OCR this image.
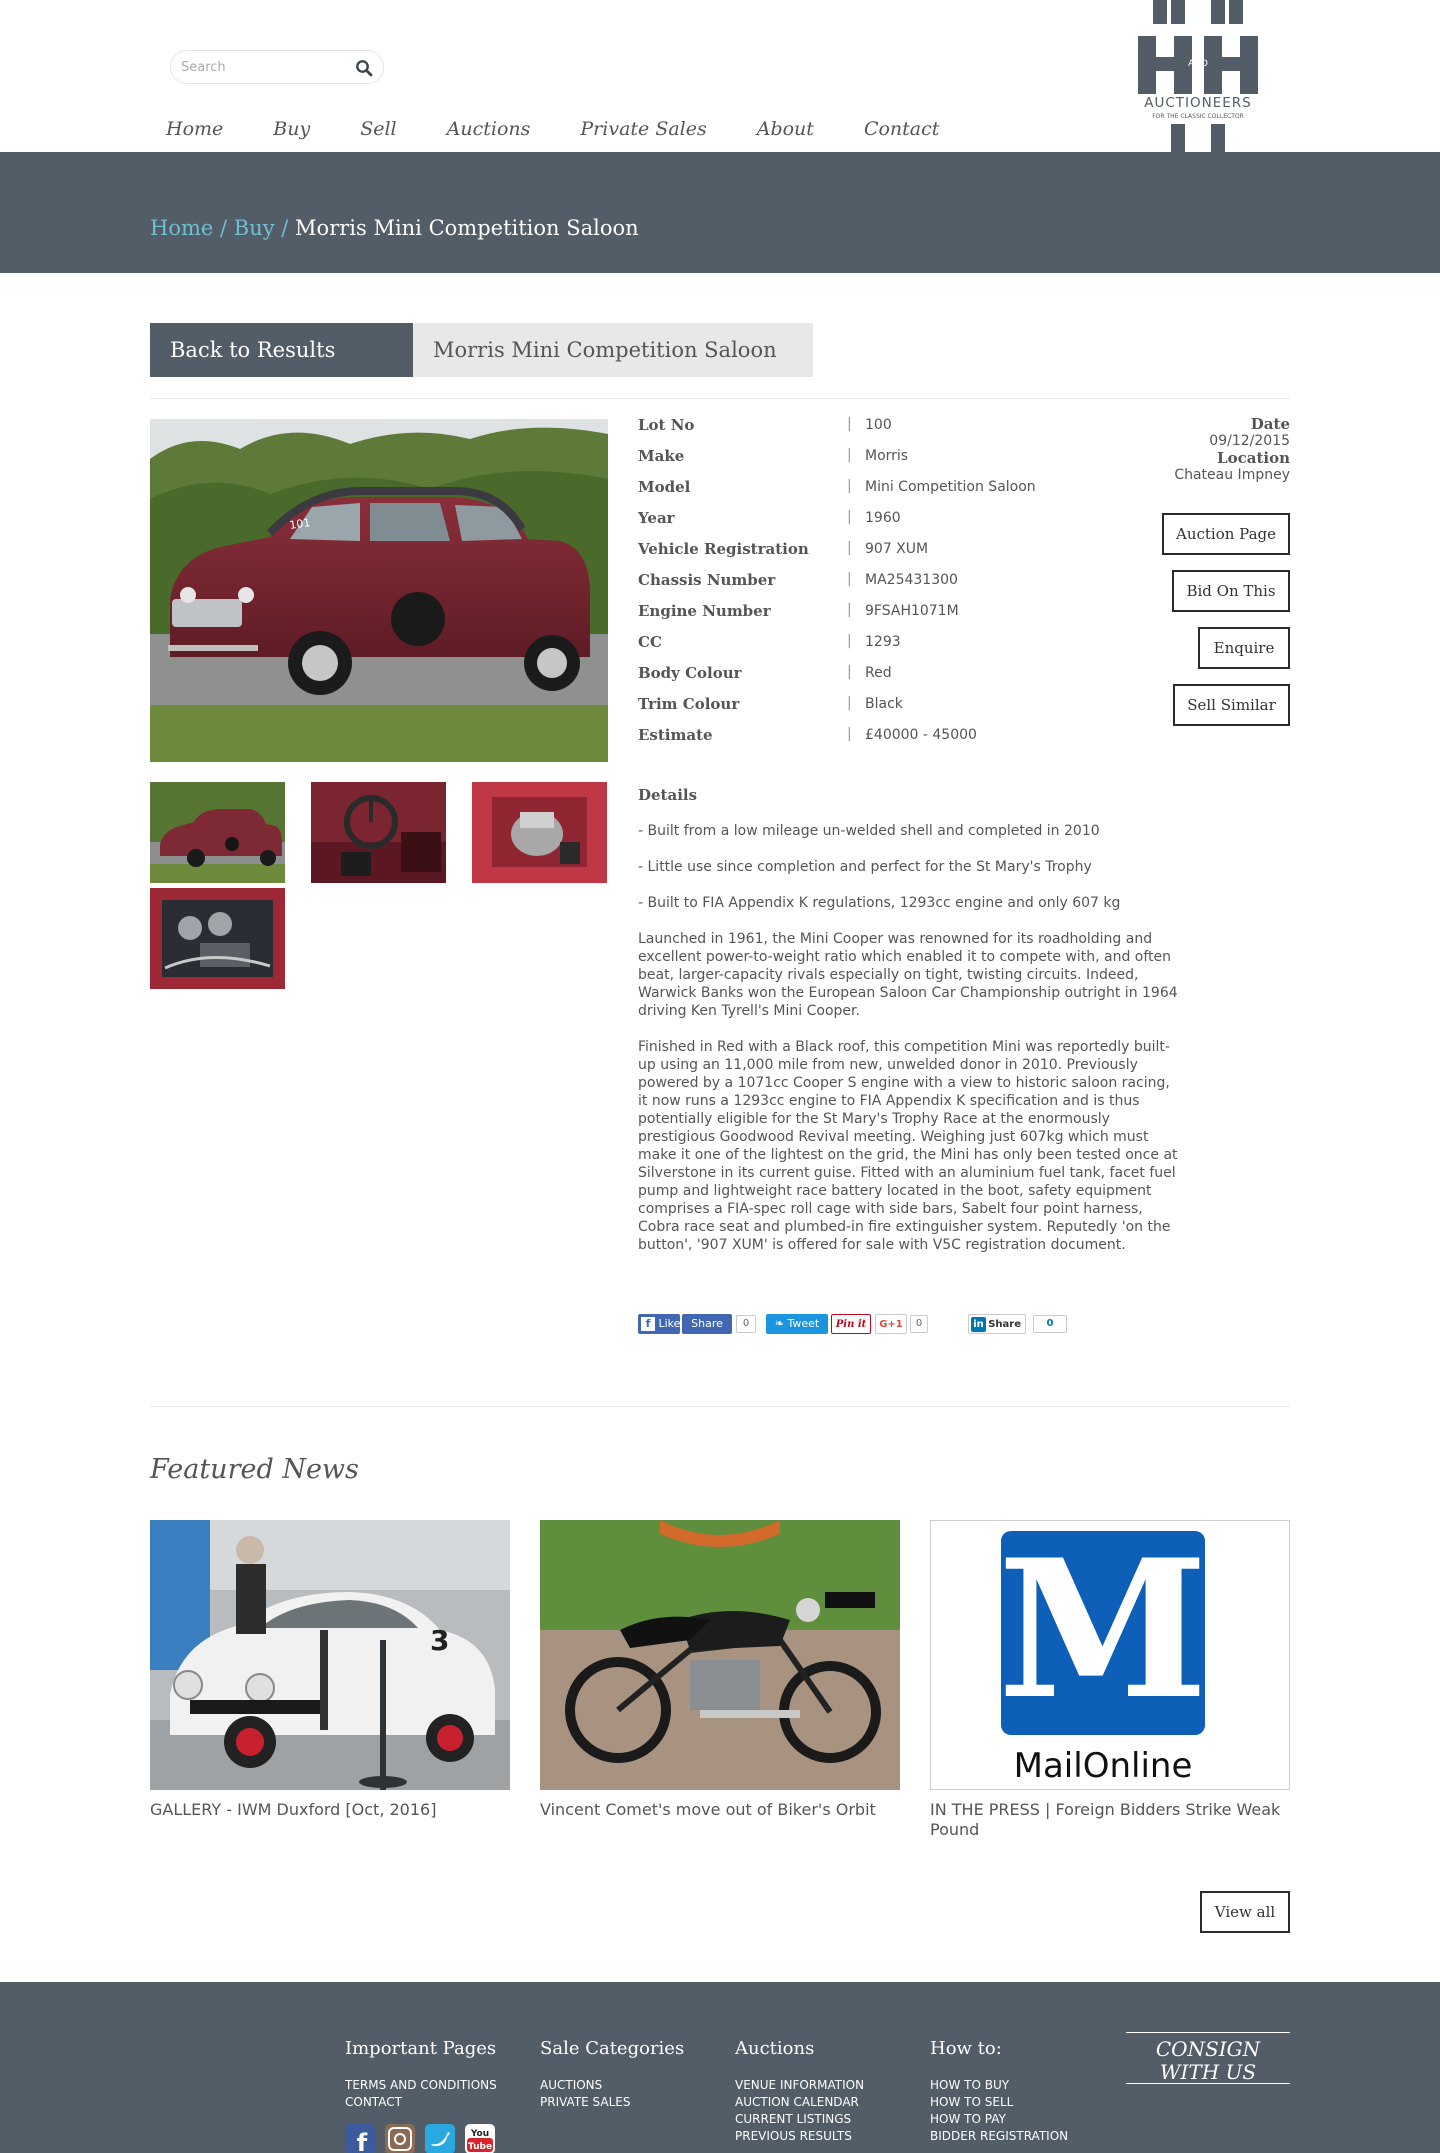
Search
Home	Buy	Sell	Auctions	Private Sales	About	Contact
AND
AUCTIONEERS
FOR THE CLASSIC COLLECTOR
Home / Buy / Morris Mini Competition Saloon
Back to Results	Morris Mini Competition Saloon
101
Lot No	| 100
Make	| Morris
Model	| Mini Competition Saloon
Year	| 1960
Vehicle Registration	| 907 XUM
Chassis Number	| MA25431300
Engine Number	| 9FSAH1071M
CC	| 1293
Body Colour	| Red
Trim Colour	| Black
Estimate	| £40000 - 45000
Date
09/12/2015
Location
Chateau Impney
Auction Page
Bid On This
Enquire
Sell Similar
Details

- Built from a low mileage un-welded shell and completed in 2010

- Little use since completion and perfect for the St Mary's Trophy

- Built to FIA Appendix K regulations, 1293cc engine and only 607 kg

Launched in 1961, the Mini Cooper was renowned for its roadholding and excellent power-to-weight ratio which enabled it to compete with, and often beat, larger-capacity rivals especially on tight, twisting circuits. Indeed, Warwick Banks won the European Saloon Car Championship outright in 1964 driving Ken Tyrell's Mini Cooper.

Finished in Red with a Black roof, this competition Mini was reportedly built-up using an 11,000 mile from new, unwelded donor in 2010. Previously powered by a 1071cc Cooper S engine with a view to historic saloon racing, it now runs a 1293cc engine to FIA Appendix K specification and is thus potentially eligible for the St Mary's Trophy Race at the enormously prestigious Goodwood Revival meeting. Weighing just 607kg which must make it one of the lightest on the grid, the Mini has only been tested once at Silverstone in its current guise. Fitted with an aluminium fuel tank, facet fuel pump and lightweight race battery located in the boot, safety equipment comprises a FIA-spec roll cage with side bars, Sabelt four point harness, Cobra race seat and plumbed-in fire extinguisher system. Reputedly 'on the button', '907 XUM' is offered for sale with V5C registration document.

f Like Share	0	❧ Tweet	Pin it	G+1	0	in Share	0
Featured News
3
GALLERY - IWM Duxford [Oct, 2016]	Vincent Comet's move out of Biker's Orbit
M
MailOnline
IN THE PRESS | Foreign Bidders Strike Weak Pound
View all
Important Pages
TERMS AND CONDITIONS
CONTACT
Sale Categories
AUCTIONS
PRIVATE SALES
Auctions
VENUE INFORMATION
AUCTION CALENDAR
CURRENT LISTINGS
PREVIOUS RESULTS
How to:
HOW TO BUY
HOW TO SELL
HOW TO PAY
BIDDER REGISTRATION
CONSIGN
WITH US
f	You
Tube
